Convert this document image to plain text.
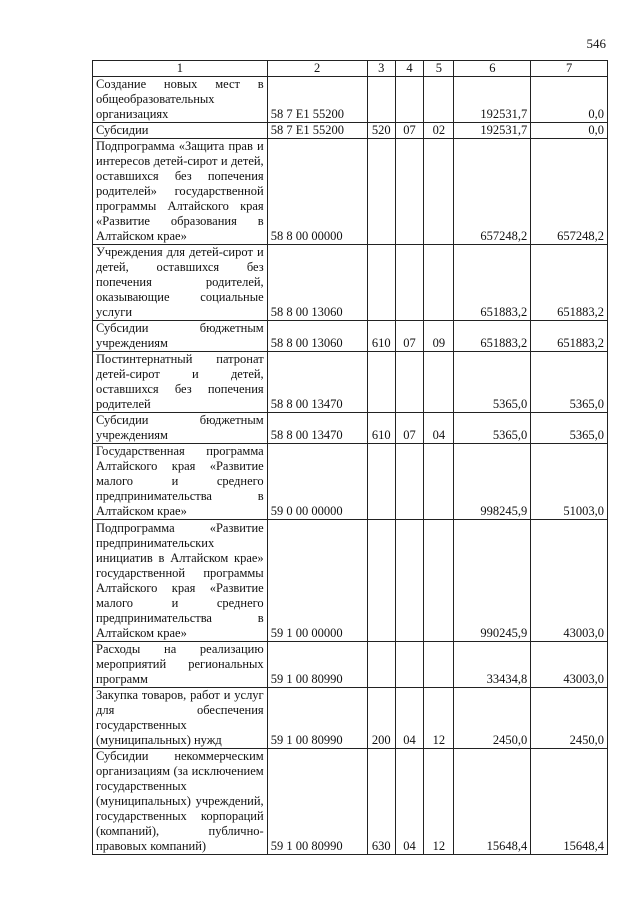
546
1	2	3	4	5	6	7
Создание новых мест в общеобразовательных организациях	58 7 E1 55200				192531,7	0,0
Субсидии	58 7 E1 55200	520	07	02	192531,7	0,0
Подпрограмма «Защита прав и интересов детей-сирот и детей, оставшихся без попечения родителей» государственной программы Алтайского края «Развитие образования в Алтайском крае»	58 8 00 00000				657248,2	657248,2
Учреждения для детей-сирот и детей, оставшихся без попечения родителей, оказывающие социальные услуги	58 8 00 13060				651883,2	651883,2
Субсидии бюджетным учреждениям	58 8 00 13060	610	07	09	651883,2	651883,2
Постинтернатный патронат детей-сирот и детей, оставшихся без попечения родителей	58 8 00 13470				5365,0	5365,0
Субсидии бюджетным учреждениям	58 8 00 13470	610	07	04	5365,0	5365,0
Государственная программа Алтайского края «Развитие малого и среднего предпринимательства в Алтайском крае»	59 0 00 00000				998245,9	51003,0
Подпрограмма «Развитие предпринимательских инициатив в Алтайском крае» государственной программы Алтайского края «Развитие малого и среднего предпринимательства в Алтайском крае»	59 1 00 00000				990245,9	43003,0
Расходы на реализацию мероприятий региональных программ	59 1 00 80990				33434,8	43003,0
Закупка товаров, работ и услуг для обеспечения государственных (муниципальных) нужд	59 1 00 80990	200	04	12	2450,0	2450,0
Субсидии некоммерческим организациям (за исключением государственных (муниципальных) учреждений, государственных корпораций (компаний), публично-правовых компаний)	59 1 00 80990	630	04	12	15648,4	15648,4
